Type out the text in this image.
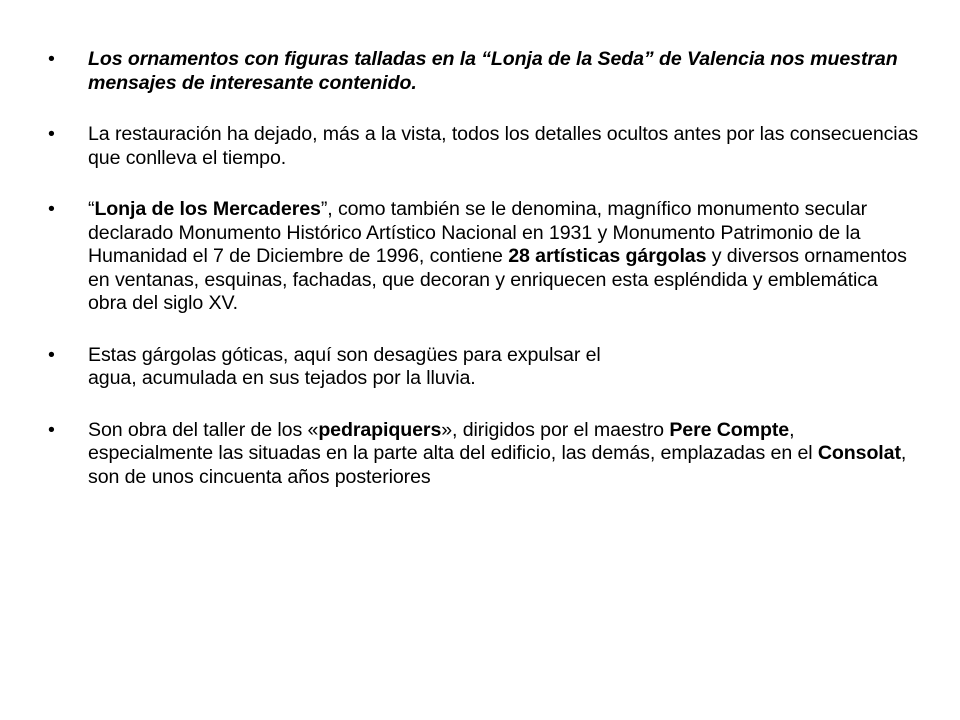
•	Los ornamentos con figuras talladas en la “Lonja de la Seda” de Valencia nos muestran mensajes de interesante contenido.
•	La restauración ha dejado, más a la vista, todos los detalles ocultos antes por las consecuencias que conlleva el tiempo.
•	“Lonja de los Mercaderes”, como también se le denomina, magnífico monumento secular declarado Monumento Histórico Artístico Nacional en 1931 y Monumento Patrimonio de la Humanidad el 7 de Diciembre de 1996, contiene 28 artísticas gárgolas y diversos ornamentos en ventanas, esquinas, fachadas, que decoran y enriquecen esta espléndida y emblemática obra del siglo XV.
•	Estas gárgolas góticas, aquí son desagües para expulsar el
agua, acumulada en sus tejados por la lluvia.
•	Son obra del taller de los «pedrapiquers», dirigidos por el maestro Pere Compte, especialmente las situadas en la parte alta del edificio, las demás, emplazadas en el Consolat, son de unos cincuenta años posteriores
